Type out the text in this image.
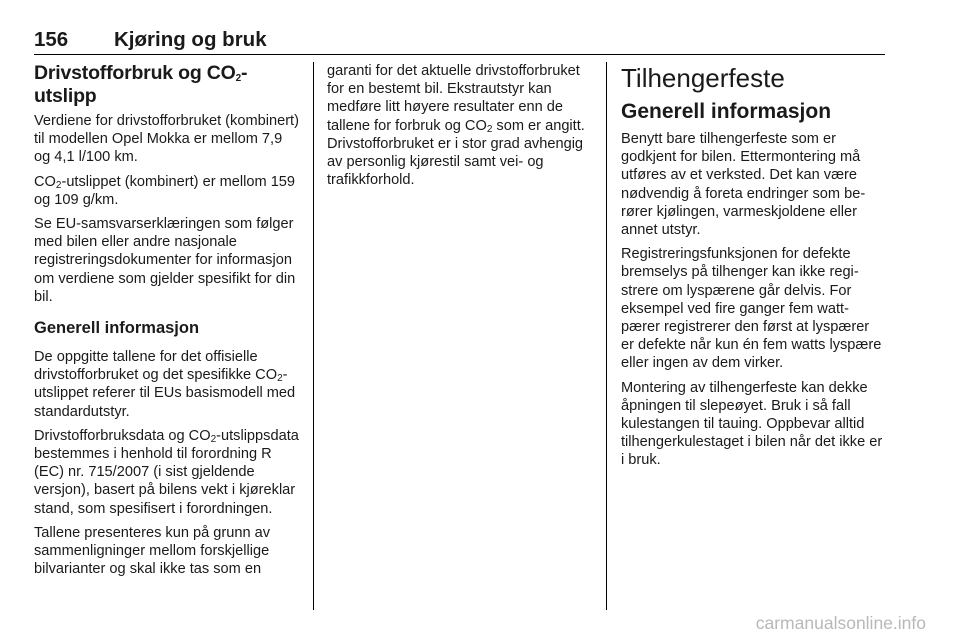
156 Kjøring og bruk
Drivstofforbruk og $CO_2$-utslipp

Verdiene for drivstofforbruket (kombinert) til modellen Opel Mokka er mellom 7,9 og 4,1 l/100 km.

$CO_2$-utslippet (kombinert) er mellom 159 og 109 g/km.

Se EU-samsvarserklæringen som følger med bilen eller andre nasjonale registreringsdokumenter for informasjon om verdiene som gjelder spesifikt for din bil.

Generell informasjon

De oppgitte tallene for det offisielle drivstofforbruket og det spesifikke $CO_2$-utslippet referer til EUs basismodell med standardutstyr.

Drivstofforbruksdata og $CO_2$-utslippsdata bestemmes i henhold til forordning R (EC) nr. 715/2007 (i sist gjeldende versjon), basert på bilens vekt i kjøreklar stand, som spesifisert i forordningen.

Tallene presenteres kun på grunn av sammenligninger mellom forskjellige bilvarianter og skal ikke tas som en

garanti for det aktuelle drivstofforbruket for en bestemt bil. Ekstrautstyr kan medføre litt høyere resultater enn de tallene for forbruk og $CO_2$ som er angitt. Drivstofforbruket er i stor grad avhengig av personlig kjørestil samt vei- og trafikkforhold.

Tilhengerfeste
Generell informasjon

Benytt bare tilhengerfeste som er godkjent for bilen. Ettermontering må utføres av et verksted. Det kan være nødvendig å foreta endringer som berører kjølingen, varmeskjoldene eller annet utstyr.

Registreringsfunksjonen for defekte bremselys på tilhenger kan ikke registrere om lyspærene går delvis. For eksempel ved fire ganger fem watt-pærer registrerer den først at lyspærer er defekte når kun én fem watts lyspære eller ingen av dem virker.

Montering av tilhengerfeste kan dekke åpningen til slepeøyet. Bruk i så fall kulestangen til tauing. Oppbevar alltid tilhengerkulestaget i bilen når det ikke er i bruk.

carmanualsonline.info
